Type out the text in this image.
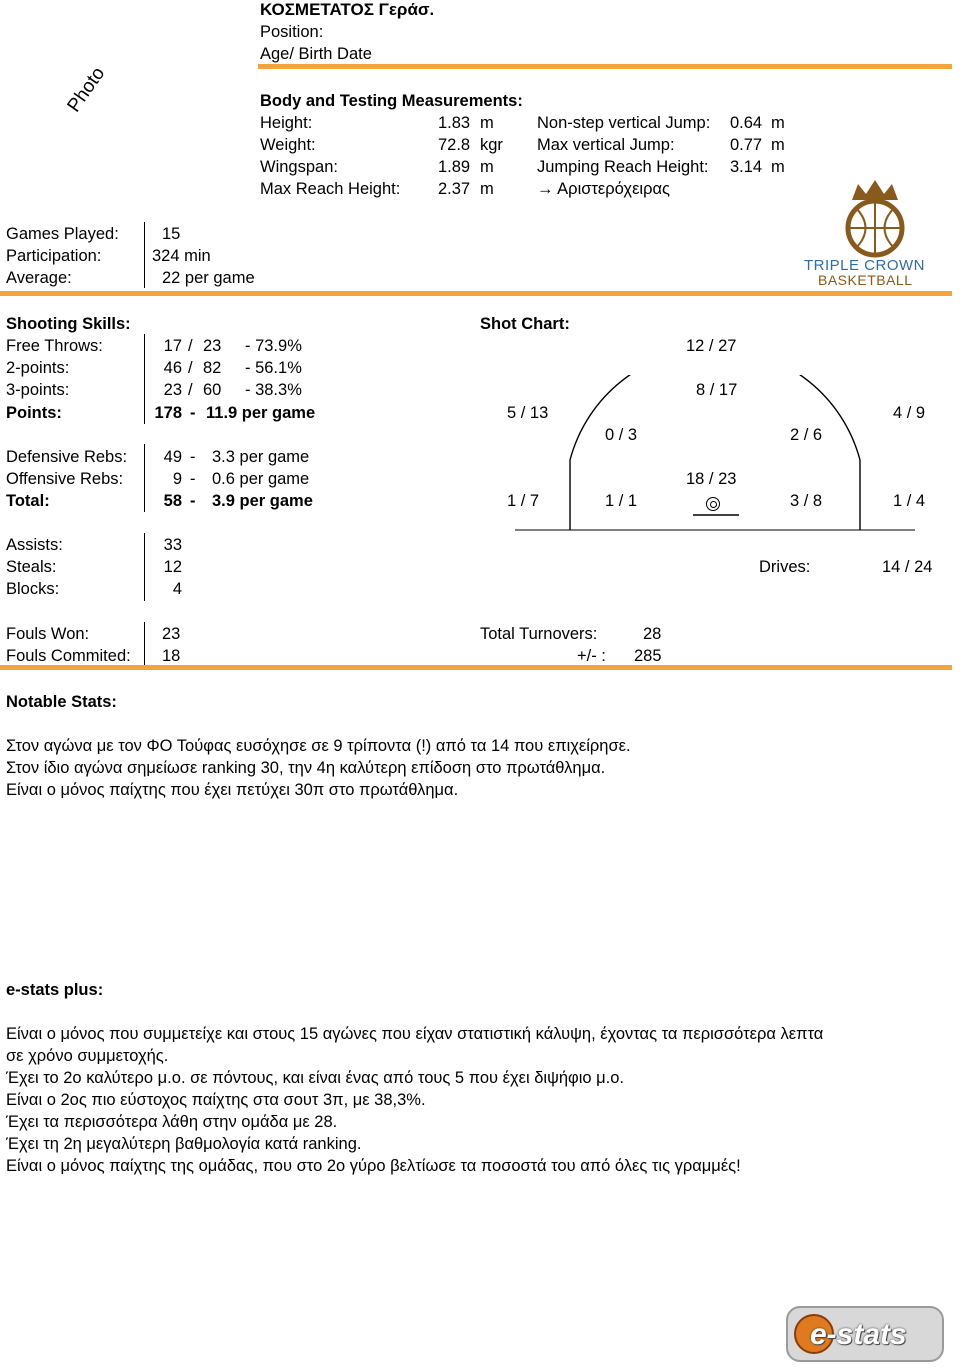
Photo
ΚΟΣΜΕΤΑΤΟΣ Γεράσ.
Position:
Age/ Birth Date
Body and Testing Measurements:
Height:	1.83 m
Weight:	72.8 kgr
Wingspan:	1.89 m
Max Reach Height: 2.37 m
Non-step vertical Jump:	0.64 m
Max vertical Jump:	0.77 m
Jumping Reach Height: 3.14 m
→ Αριστερόχειρας
Games Played:	15
Participation:	324 min
Average:	22 per game
TRIPLE CROWN
BASKETBALL
Shooting Skills:
Free Throws:	17 / 23 - 73.9%
2-points:	46 / 82 - 56.1%
3-points:	23 / 60 - 38.3%
Points:	178 - 11.9 per game
Defensive Rebs:	49 - 3.3 per game
Offensive Rebs:	9 - 0.6 per game
Total:	58 - 3.9 per game
Shot Chart:
12 / 27
8 / 17
5 / 13	4 / 9
0 / 3	2 / 6
18 / 23
1 / 7	1 / 1	3 / 8	1 / 4
Assists:	33
Steals:	12
Blocks:	4
Drives:	14 / 24
Fouls Won:	23
Fouls Commited: 18
Total Turnovers:	28
+/- : 285
Notable Stats:
Στον αγώνα με τον ΦΟ Τούφας ευσόχησε σε 9 τρίποντα (!) από τα 14 που επιχείρησε.
Στον ίδιο αγώνα σημείωσε ranking 30, την 4η καλύτερη επίδοση στο πρωτάθλημα.
Είναι ο μόνος παίχτης που έχει πετύχει 30π στο πρωτάθλημα.
e-stats plus:
Είναι ο μόνος που συμμετείχε και στους 15 αγώνες που είχαν στατιστική κάλυψη, έχοντας τα περισσότερα λεπτα
σε χρόνο συμμετοχής.
Έχει το 2ο καλύτερο μ.ο. σε πόντους, και είναι ένας από τους 5 που έχει διψήφιο μ.ο.
Είναι ο 2ος πιο εύστοχος παίχτης στα σουτ 3π, με 38,3%.
Έχει τα περισσότερα λάθη στην ομάδα με 28.
Έχει τη 2η μεγαλύτερη βαθμολογία κατά ranking.
Είναι ο μόνος παίχτης της ομάδας, που στο 2ο γύρο βελτίωσε τα ποσοστά του από όλες τις γραμμές!
e-stats
